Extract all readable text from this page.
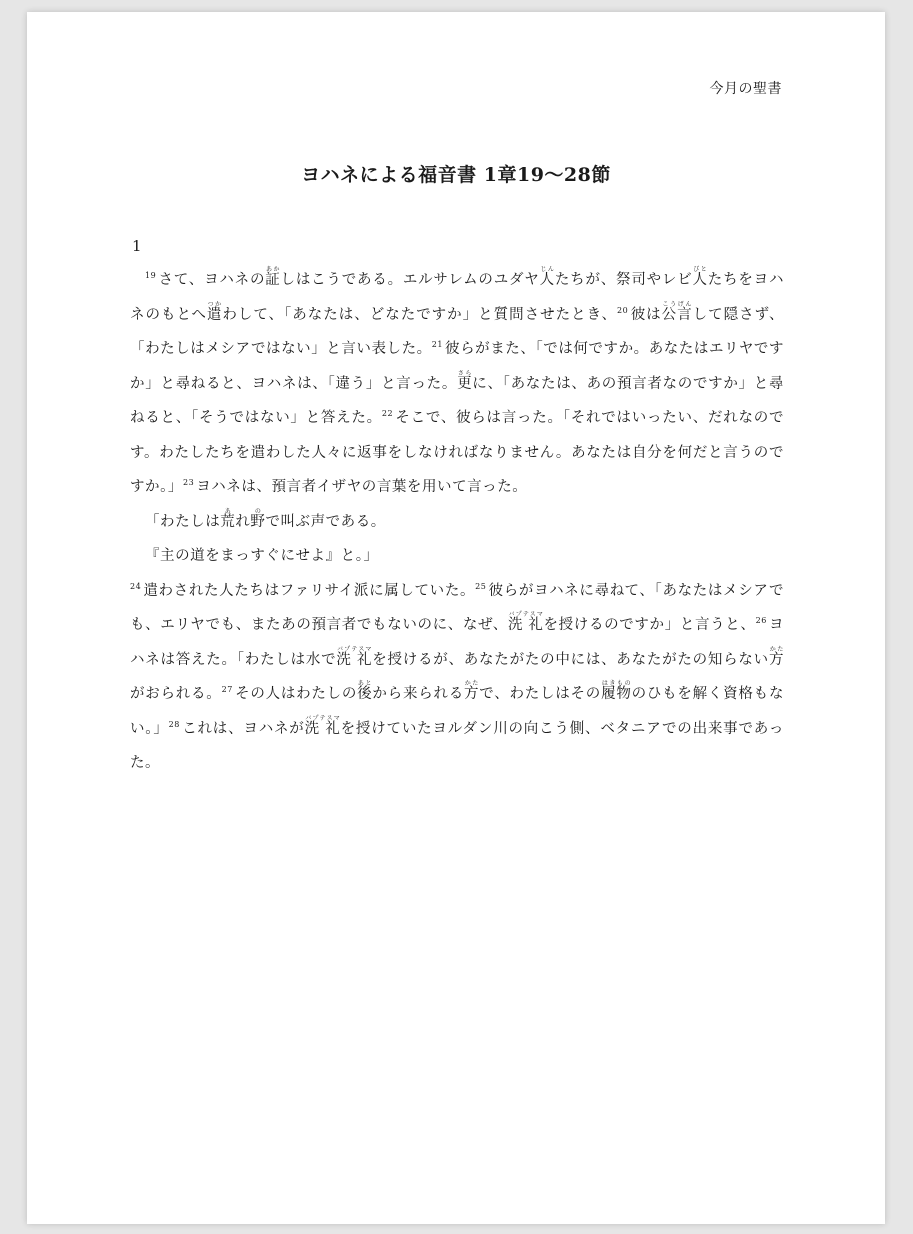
今月の聖書
ヨハネによる福音書 1章19〜28節
1

$^{19}$ さて、ヨハネの証あかしはこうである。エルサレムのユダヤ人じんたちが、祭司やレビ人びとたちをヨハネのもとへ遣つかわして、「あなたは、どなたですか」と質問させたとき、$^{20}$ 彼は公言こうげんして隠さず、「わたしはメシアではない」と言い表した。$^{21}$ 彼らがまた、「では何ですか。あなたはエリヤですか」と尋ねると、ヨハネは、「違う」と言った。更さらに、「あなたは、あの預言者なのですか」と尋ねると、「そうではない」と答えた。$^{22}$ そこで、彼らは言った。「それではいったい、だれなのです。わたしたちを遣わした人々に返事をしなければなりません。あなたは自分を何だと言うのですか。」$^{23}$ ヨハネは、預言者イザヤの言葉を用いて言った。

「わたしは荒あれ野ので叫ぶ声である。

『主の道をまっすぐにせよ』と。」

$^{24}$ 遣わされた人たちはファリサイ派に属していた。$^{25}$ 彼らがヨハネに尋ねて、「あなたはメシアでも、エリヤでも、またあの預言者でもないのに、なぜ、洗 礼バプテスマを授けるのですか」と言うと、$^{26}$ ヨハネは答えた。「わたしは水で洗 礼バプテスマを授けるが、あなたがたの中には、あなたがたの知らない方かたがおられる。$^{27}$ その人はわたしの後あとから来られる方かたで、わたしはその履物はきもののひもを解く資格もない。」$^{28}$ これは、ヨハネが洗 礼バプテスマを授けていたヨルダン川の向こう側、ベタニアでの出来事であった。
